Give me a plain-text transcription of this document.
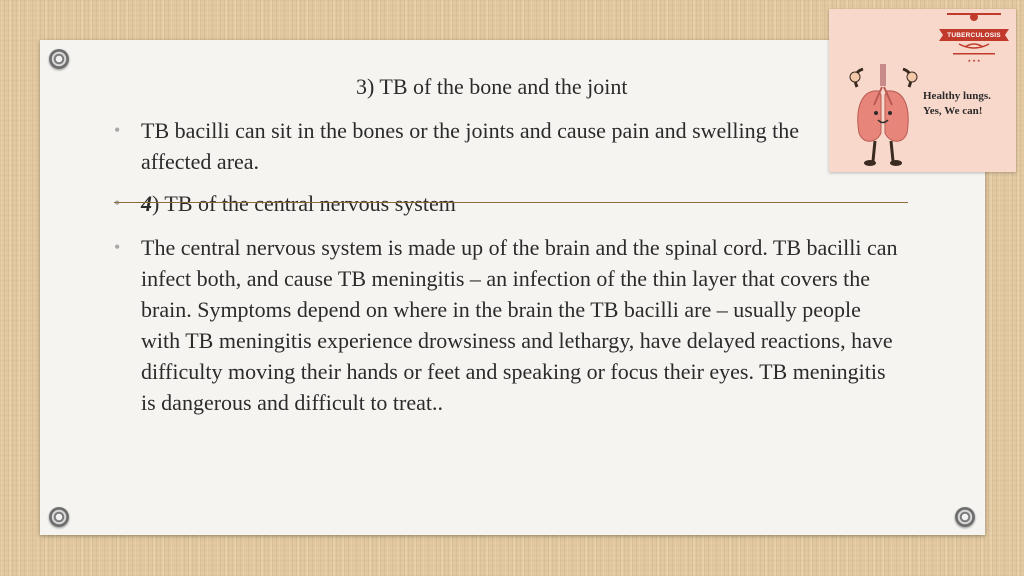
3) TB of the bone and the joint
• TB bacilli can sit in the bones or the joints and cause pain and swelling the affected area.
• 4) TB of the central nervous system
• The central nervous system is made up of the brain and the spinal cord. TB bacilli can infect both, and cause TB meningitis – an infection of the thin layer that covers the brain. Symptoms depend on where in the brain the TB bacilli are – usually people with TB meningitis experience drowsiness and lethargy, have delayed reactions, have difficulty moving their hands or feet and speaking or focus their eyes. TB meningitis is dangerous and difficult to treat..
★ ★ ★
TUBERCULOSIS
Healthy lungs.
Yes, We can!
